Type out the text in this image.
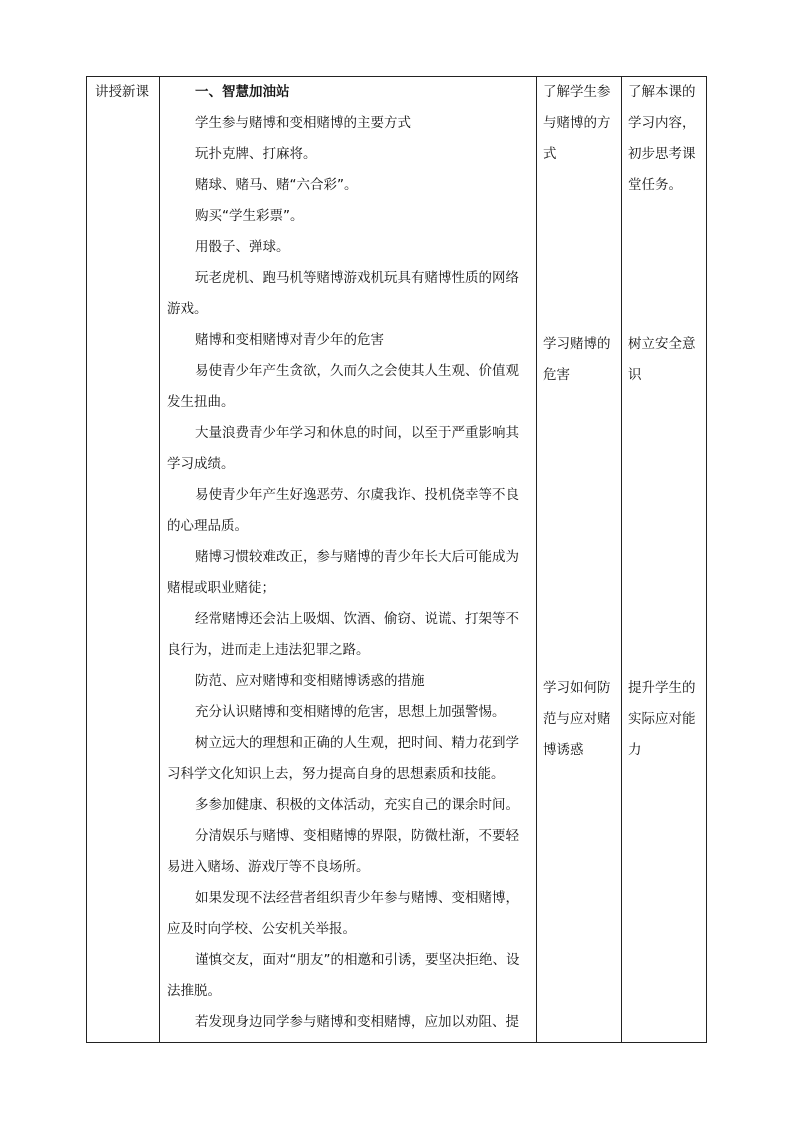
讲授新课	一、智慧加油站

学生参与赌博和变相赌博的主要方式

玩扑克牌、打麻将。

赌球、赌马、赌“六合彩”。

购买“学生彩票”。

用骰子、弹球。

玩老虎机、跑马机等赌博游戏机玩具有赌博性质的网络游戏。

赌博和变相赌博对青少年的危害

易使青少年产生贪欲，久而久之会使其人生观、价值观发生扭曲。

大量浪费青少年学习和休息的时间，以至于严重影响其学习成绩。

易使青少年产生好逸恶劳、尔虞我诈、投机侥幸等不良的心理品质。

赌博习惯较难改正，参与赌博的青少年长大后可能成为赌棍或职业赌徒；

经常赌博还会沾上吸烟、饮酒、偷窃、说谎、打架等不良行为，进而走上违法犯罪之路。

防范、应对赌博和变相赌博诱惑的措施

充分认识赌博和变相赌博的危害，思想上加强警惕。

树立远大的理想和正确的人生观，把时间、精力花到学习科学文化知识上去，努力提高自身的思想素质和技能。

多参加健康、积极的文体活动，充实自己的课余时间。

分清娱乐与赌博、变相赌博的界限，防微杜渐，不要轻易进入赌场、游戏厅等不良场所。

如果发现不法经营者组织青少年参与赌博、变相赌博，应及时向学校、公安机关举报。

谨慎交友，面对“朋友”的相邀和引诱，要坚决拒绝、设法推脱。

若发现身边同学参与赌博和变相赌博，应加以劝阻、提

了解学生参与赌博的方式

学习赌博的危害

学习如何防范与应对赌博诱惑

了解本课的学习内容，初步思考课堂任务。

树立安全意识

提升学生的实际应对能力
